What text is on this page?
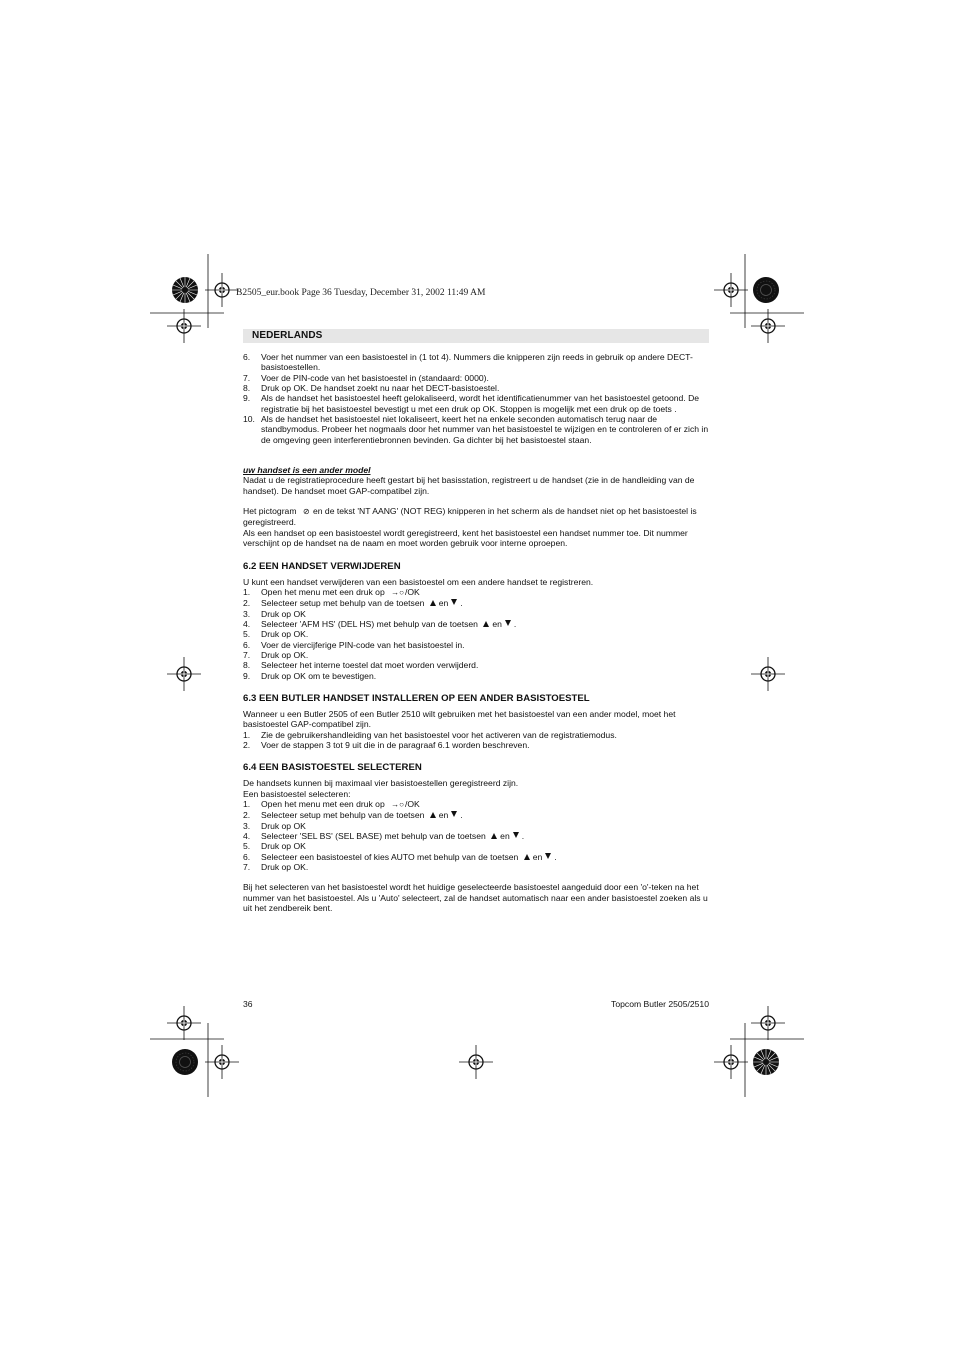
B2505_eur.book Page 36 Tuesday, December 31, 2002 11:49 AM
NEDERLANDS
6. Voer het nummer van een basistoestel in (1 tot 4). Nummers die knipperen zijn reeds in gebruik op andere DECT-basistoestellen.
7. Voer de PIN-code van het basistoestel in (standaard: 0000).
8. Druk op OK. De handset zoekt nu naar het DECT-basistoestel.
9. Als de handset het basistoestel heeft gelokaliseerd, wordt het identificatienummer van het basistoestel getoond. De registratie bij het basistoestel bevestigt u met een druk op OK. Stoppen is mogelijk met een druk op de toets .
10. Als de handset het basistoestel niet lokaliseert, keert het na enkele seconden automatisch terug naar de standbymodus. Probeer het nogmaals door het nummer van het basistoestel te wijzigen en te controleren of er zich in de omgeving geen interferentiebronnen bevinden. Ga dichter bij het basistoestel staan.

uw handset is een ander model

Nadat u de registratieprocedure heeft gestart bij het basisstation, registreert u de handset (zie in de handleiding van de handset). De handset moet GAP-compatibel zijn.

Het pictogram ⊘ en de tekst 'NT AANG' (NOT REG) knipperen in het scherm als de handset niet op het basistoestel is geregistreerd.

Als een handset op een basistoestel wordt geregistreerd, kent het basistoestel een handset nummer toe. Dit nummer verschijnt op de handset na de naam en moet worden gebruik voor interne oproepen.

6.2 EEN HANDSET VERWIJDEREN

U kunt een handset verwijderen van een basistoestel om een andere handset te registreren.

1. Open het menu met een druk op →○/OK
2. Selecteer setup met behulp van de toetsen en .
3. Druk op OK
4. Selecteer 'AFM HS' (DEL HS) met behulp van de toetsen en .
5. Druk op OK.
6. Voer de viercijferige PIN-code van het basistoestel in.
7. Druk op OK.
8. Selecteer het interne toestel dat moet worden verwijderd.
9. Druk op OK om te bevestigen.
6.3 EEN BUTLER HANDSET INSTALLEREN OP EEN ANDER BASISTOESTEL

Wanneer u een Butler 2505 of een Butler 2510 wilt gebruiken met het basistoestel van een ander model, moet het basistoestel GAP-compatibel zijn.

1. Zie de gebruikershandleiding van het basistoestel voor het activeren van de registratiemodus.
2. Voer de stappen 3 tot 9 uit die in de paragraaf 6.1 worden beschreven.
6.4 EEN BASISTOESTEL SELECTEREN

De handsets kunnen bij maximaal vier basistoestellen geregistreerd zijn.

Een basistoestel selecteren:

1. Open het menu met een druk op →○/OK
2. Selecteer setup met behulp van de toetsen en .
3. Druk op OK
4. Selecteer 'SEL BS' (SEL BASE) met behulp van de toetsen en .
5. Druk op OK
6. Selecteer een basistoestel of kies AUTO met behulp van de toetsen en .
7. Druk op OK.

Bij het selecteren van het basistoestel wordt het huidige geselecteerde basistoestel aangeduid door een 'o'-teken na het nummer van het basistoestel. Als u 'Auto' selecteert, zal de handset automatisch naar een ander basistoestel zoeken als u uit het zendbereik bent.

36	Topcom Butler 2505/2510
